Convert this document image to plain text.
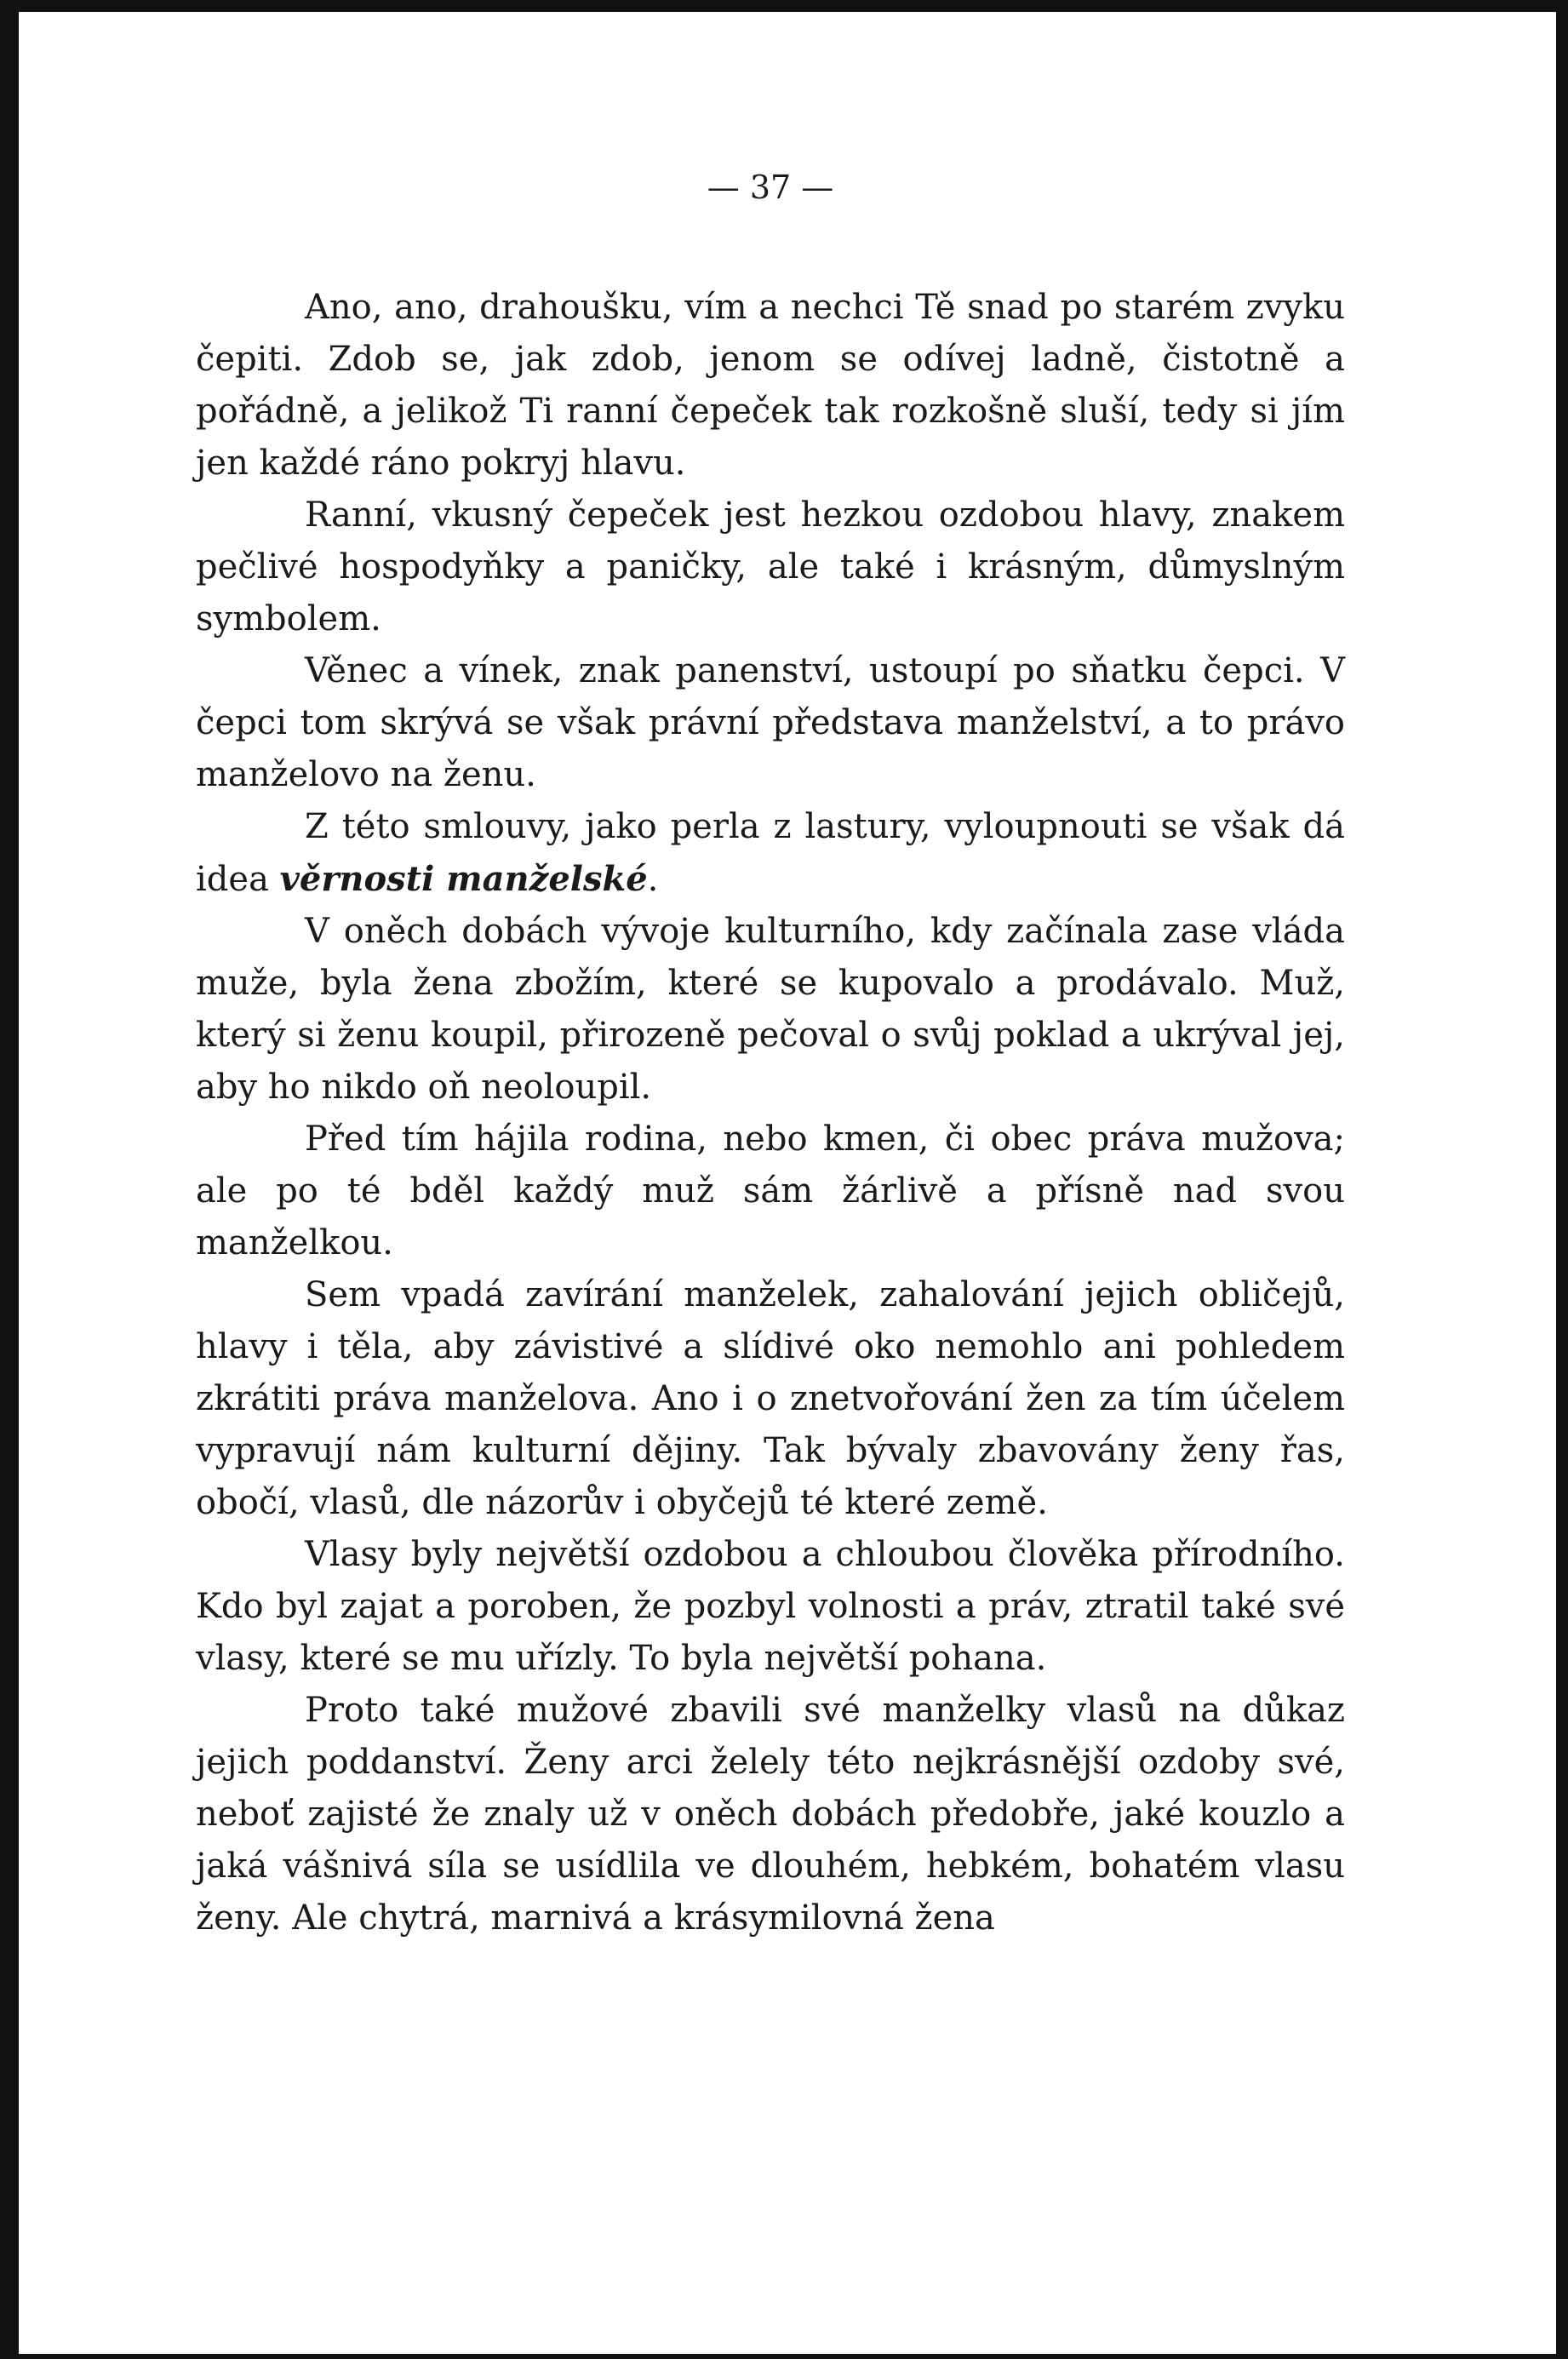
— 37 —

Ano, ano, drahoušku, vím a nechci Tě snad po starém zvyku čepiti. Zdob se, jak zdob, jenom se odívej ladně, čistotně a pořádně, a jelikož Ti ranní čepeček tak rozkošně sluší, tedy si jím jen každé ráno pokryj hlavu.

Ranní, vkusný čepeček jest hezkou ozdobou hlavy, znakem pečlivé hospodyňky a paničky, ale také i krásným, důmyslným symbolem.

Věnec a vínek, znak panenství, ustoupí po sňatku čepci. V čepci tom skrývá se však právní představa manželství, a to právo manželovo na ženu.

Z této smlouvy, jako perla z lastury, vyloupnouti se však dá idea věrnosti manželské.

V oněch dobách vývoje kulturního, kdy začínala zase vláda muže, byla žena zbožím, které se kupovalo a prodávalo. Muž, který si ženu koupil, přirozeně pečoval o svůj poklad a ukrýval jej, aby ho nikdo oň neoloupil.

Před tím hájila rodina, nebo kmen, či obec práva mužova; ale po té bděl každý muž sám žárlivě a přísně nad svou manželkou.

Sem vpadá zavírání manželek, zahalování jejich obličejů, hlavy i těla, aby závistivé a slídivé oko nemohlo ani pohledem zkrátiti práva manželova. Ano i o znetvořování žen za tím účelem vypravují nám kulturní dějiny. Tak bývaly zbavovány ženy řas, obočí, vlasů, dle názorův i obyčejů té které země.

Vlasy byly největší ozdobou a chloubou člověka přírodního. Kdo byl zajat a poroben, že pozbyl volnosti a práv, ztratil také své vlasy, které se mu uřízly. To byla největší pohana.

Proto také mužové zbavili své manželky vlasů na důkaz jejich poddanství. Ženy arci želely této nejkrásnější ozdoby své, neboť zajisté že znaly už v oněch dobách předobře, jaké kouzlo a jaká vášnivá síla se usídlila ve dlouhém, hebkém, bohatém vlasu ženy. Ale chytrá, marnivá a krásymilovná žena
